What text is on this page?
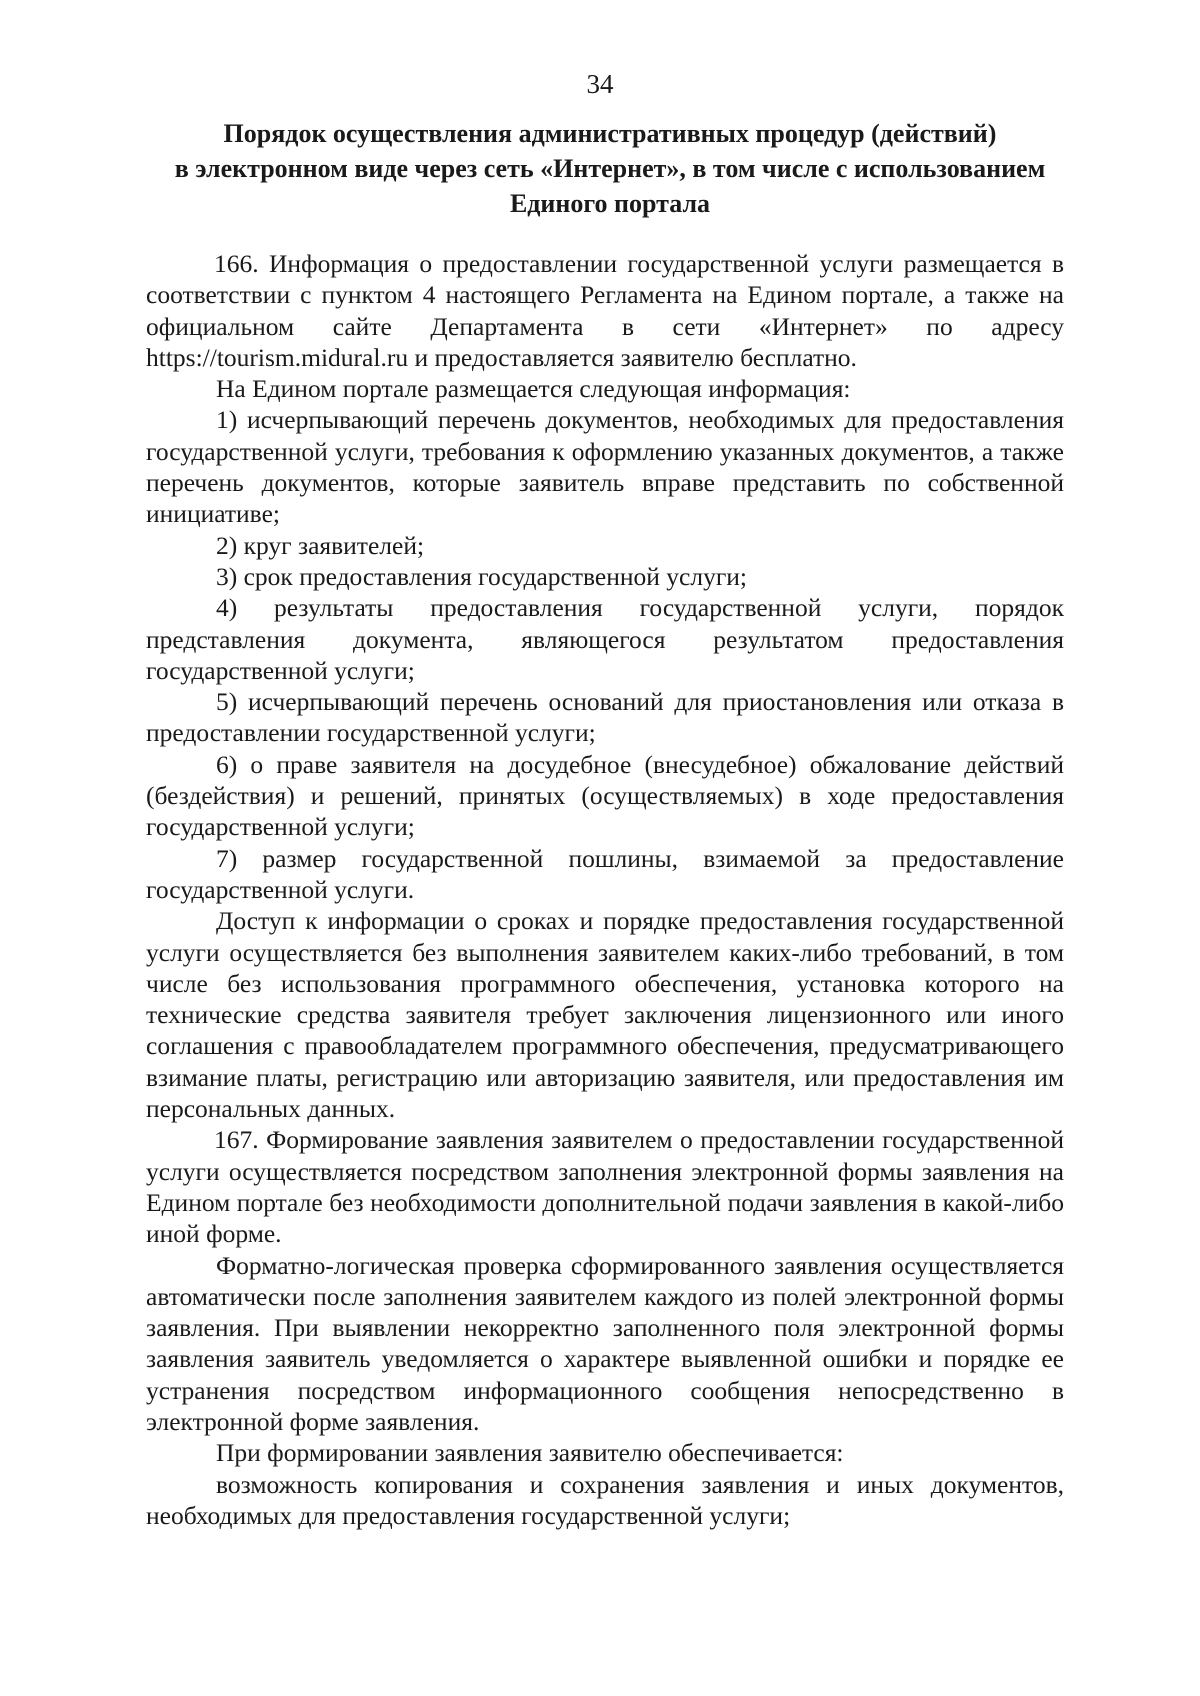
34
Порядок осуществления административных процедур (действий)
в электронном виде через сеть «Интернет», в том числе с использованием
Единого портала

166. Информация о предоставлении государственной услуги размещается в соответствии с пунктом 4 настоящего Регламента на Едином портале, а также на официальном сайте Департамента в сети «Интернет» по адресу https://tourism.midural.ru и предоставляется заявителю бесплатно.

На Едином портале размещается следующая информация:

1) исчерпывающий перечень документов, необходимых для предоставления государственной услуги, требования к оформлению указанных документов, а также перечень документов, которые заявитель вправе представить по собственной инициативе;

2) круг заявителей;

3) срок предоставления государственной услуги;

4) результаты предоставления государственной услуги, порядок представления документа, являющегося результатом предоставления государственной услуги;

5) исчерпывающий перечень оснований для приостановления или отказа в предоставлении государственной услуги;

6) о праве заявителя на досудебное (внесудебное) обжалование действий (бездействия) и решений, принятых (осуществляемых) в ходе предоставления государственной услуги;

7) размер государственной пошлины, взимаемой за предоставление государственной услуги.

Доступ к информации о сроках и порядке предоставления государственной услуги осуществляется без выполнения заявителем каких-либо требований, в том числе без использования программного обеспечения, установка которого на технические средства заявителя требует заключения лицензионного или иного соглашения с правообладателем программного обеспечения, предусматривающего взимание платы, регистрацию или авторизацию заявителя, или предоставления им персональных данных.

167. Формирование заявления заявителем о предоставлении государственной услуги осуществляется посредством заполнения электронной формы заявления на Едином портале без необходимости дополнительной подачи заявления в какой-либо иной форме.

Форматно-логическая проверка сформированного заявления осуществляется автоматически после заполнения заявителем каждого из полей электронной формы заявления. При выявлении некорректно заполненного поля электронной формы заявления заявитель уведомляется о характере выявленной ошибки и порядке ее устранения посредством информационного сообщения непосредственно в электронной форме заявления.

При формировании заявления заявителю обеспечивается:

возможность копирования и сохранения заявления и иных документов, необходимых для предоставления государственной услуги;
